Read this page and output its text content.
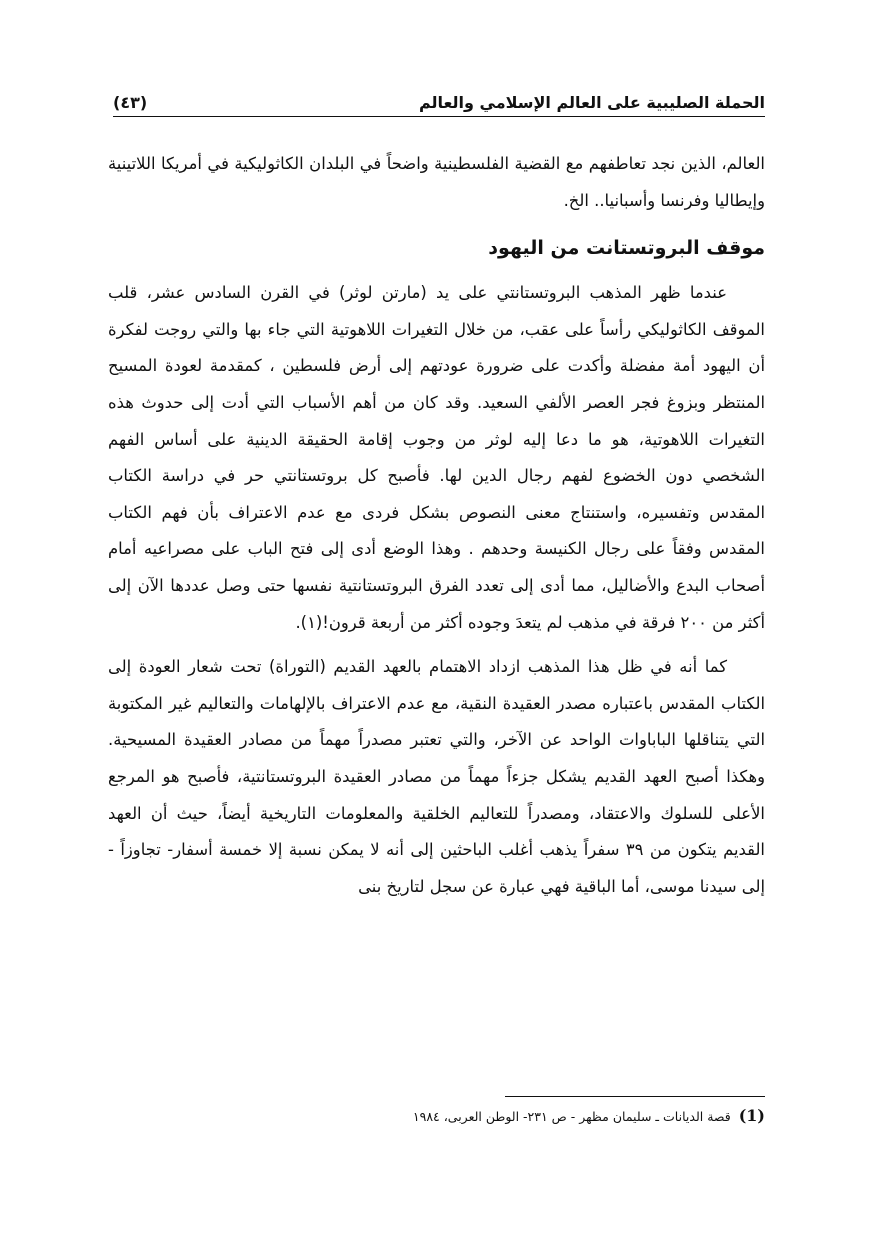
الحملة الصليبية على العالم الإسلامي والعالم
(٤٣)

العالم، الذين نجد تعاطفهم مع القضية الفلسطينية واضحاً في البلدان الكاثوليكية في أمريكا اللاتينية وإيطاليا وفرنسا وأسبانيا.. الخ.

موقف البروتستانت من اليهود

عندما ظهر المذهب البروتستانتي على يد (مارتن لوثر) في القرن السادس عشر، قلب الموقف الكاثوليكي رأساً على عقب، من خلال التغيرات اللاهوتية التي جاء بها والتي روجت لفكرة أن اليهود أمة مفضلة وأكدت على ضرورة عودتهم إلى أرض فلسطين ، كمقدمة لعودة المسيح المنتظر وبزوغ فجر العصر الألفي السعيد. وقد كان من أهم الأسباب التي أدت إلى حدوث هذه التغيرات اللاهوتية، هو ما دعا إليه لوثر من وجوب إقامة الحقيقة الدينية على أساس الفهم الشخصي دون الخضوع لفهم رجال الدين لها. فأصبح كل بروتستانتي حر في دراسة الكتاب المقدس وتفسيره، واستنتاج معنى النصوص بشكل فردى مع عدم الاعتراف بأن فهم الكتاب المقدس وفقاً على رجال الكنيسة وحدهم . وهذا الوضع أدى إلى فتح الباب على مصراعيه أمام أصحاب البدع والأضاليل، مما أدى إلى تعدد الفرق البروتستانتية نفسها حتى وصل عددها الآن إلى أكثر من ٢٠٠ فرقة في مذهب لم يتعدَ وجوده أكثر من أربعة قرون!(١).

كما أنه في ظل هذا المذهب ازداد الاهتمام بالعهد القديم (التوراة) تحت شعار العودة إلى الكتاب المقدس باعتباره مصدر العقيدة النقية، مع عدم الاعتراف بالإلهامات والتعاليم غير المكتوبة التي يتناقلها الباباوات الواحد عن الآخر، والتي تعتبر مصدراً مهماً من مصادر العقيدة المسيحية. وهكذا أصبح العهد القديم يشكل جزءاً مهماً من مصادر العقيدة البروتستانتية، فأصبح هو المرجع الأعلى للسلوك والاعتقاد، ومصدراً للتعاليم الخلقية والمعلومات التاريخية أيضاً، حيث أن العهد القديم يتكون من ٣٩ سفراً يذهب أغلب الباحثين إلى أنه لا يمكن نسبة إلا خمسة أسفار- تجاوزاً - إلى سيدنا موسى، أما الباقية فهي عبارة عن سجل لتاريخ بنى

(1) قصة الديانات ـ سليمان مظهر - ص ٢٣١- الوطن العربى، ١٩٨٤
